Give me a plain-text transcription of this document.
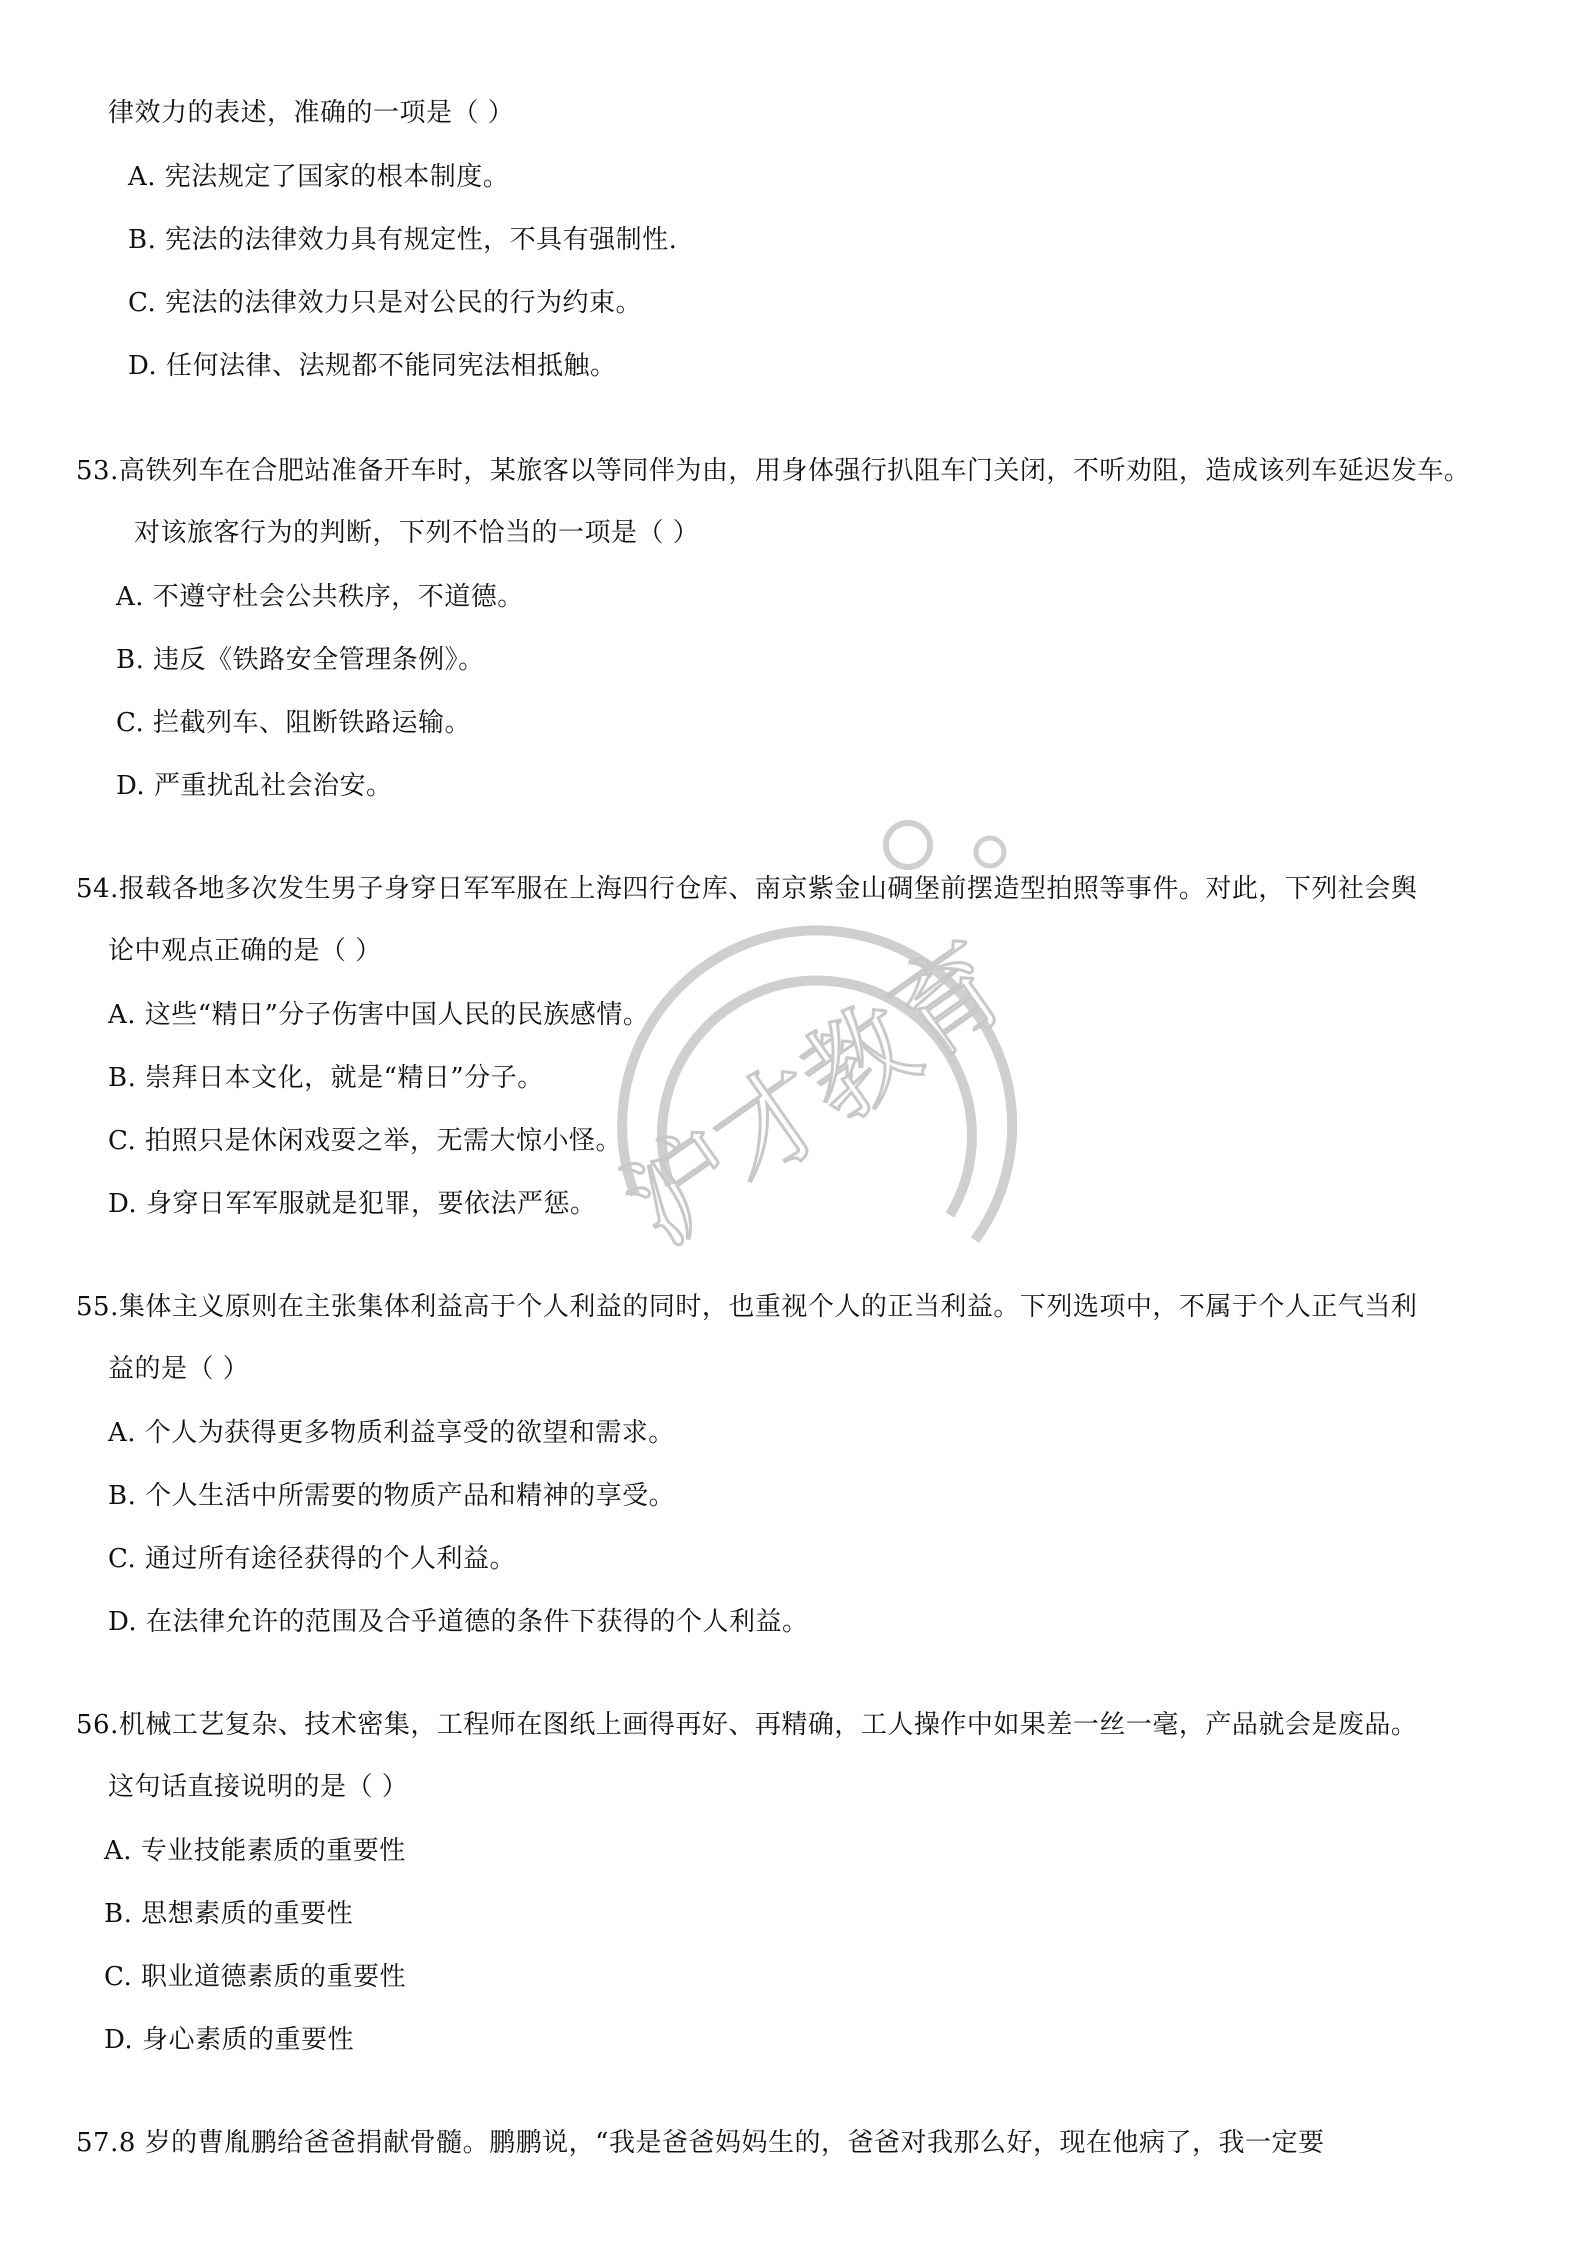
沪才教育
律效力的表述，准确的一项是（ ）
A. 宪法规定了国家的根本制度。
B. 宪法的法律效力具有规定性，不具有强制性.
C. 宪法的法律效力只是对公民的行为约束。
D. 任何法律、法规都不能同宪法相抵触。
53.高铁列车在合肥站准备开车时，某旅客以等同伴为由，用身体强行扒阻车门关闭，不听劝阻，造成该列车延迟发车。
对该旅客行为的判断，下列不恰当的一项是（ ）
A. 不遵守杜会公共秩序，不道德。
B. 违反《铁路安全管理条例》。
C. 拦截列车、阻断铁路运输。
D. 严重扰乱社会治安。
54.报载各地多次发生男子身穿日军军服在上海四行仓库、南京紫金山碉堡前摆造型拍照等事件。对此，下列社会舆
论中观点正确的是（ ）
A. 这些“精日”分子伤害中国人民的民族感情。
B. 崇拜日本文化，就是“精日”分子。
C. 拍照只是休闲戏耍之举，无需大惊小怪。
D. 身穿日军军服就是犯罪，要依法严惩。
55.集体主义原则在主张集体利益高于个人利益的同时，也重视个人的正当利益。下列选项中，不属于个人正气当利
益的是（ ）
A. 个人为获得更多物质利益享受的欲望和需求。
B. 个人生活中所需要的物质产品和精神的享受。
C. 通过所有途径获得的个人利益。
D. 在法律允许的范围及合乎道德的条件下获得的个人利益。
56.机械工艺复杂、技术密集，工程师在图纸上画得再好、再精确，工人操作中如果差一丝一毫，产品就会是废品。
这句话直接说明的是（ ）
A. 专业技能素质的重要性
B. 思想素质的重要性
C. 职业道德素质的重要性
D. 身心素质的重要性
57.8 岁的曹胤鹏给爸爸捐献骨髓。鹏鹏说，“我是爸爸妈妈生的，爸爸对我那么好，现在他病了，我一定要
